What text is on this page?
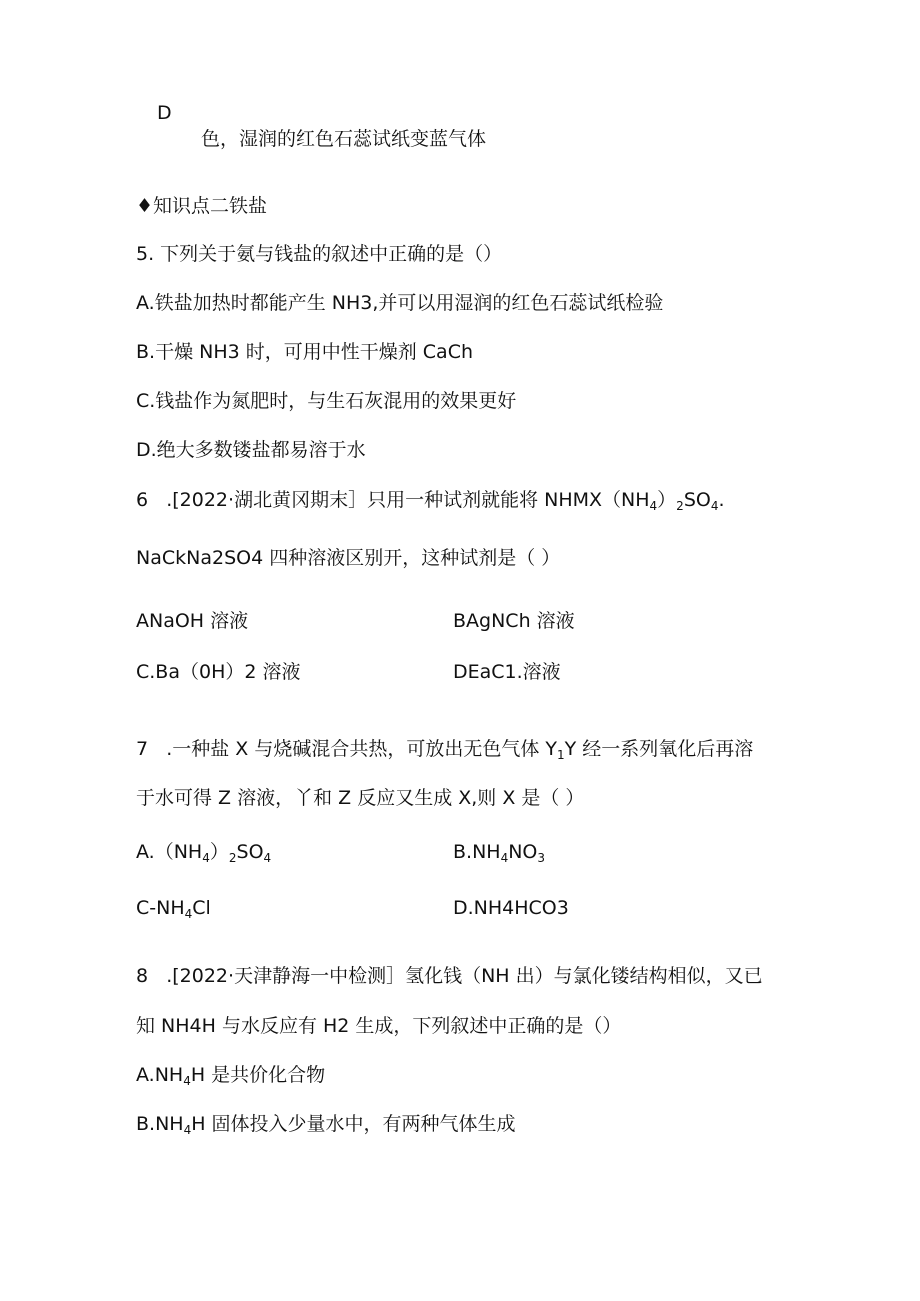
D
色，湿润的红色石蕊试纸变蓝气体
♦知识点二铁盐
5. 下列关于氨与钱盐的叙述中正确的是（）
A.铁盐加热时都能产生 NH3,并可以用湿润的红色石蕊试纸检验
B.干燥 NH3 时，可用中性干燥剂 CaCh
C.钱盐作为氮肥时，与生石灰混用的效果更好
D.绝大多数镂盐都易溶于水
6 .[2022·湖北黄冈期末］只用一种试剂就能将 $NHMX(NH_4)_2SO_4$.
NaCkNa2SO4 四种溶液区别开，这种试剂是（ ）
ANaOH 溶液	BAgNCh 溶液
C.Ba（0H）2 溶液	DEaC1.溶液
7 .一种盐 X 与烧碱混合共热，可放出无色气体 $Y_1Y$ 经一系列氧化后再溶
于水可得 Z 溶液，丫和 Z 反应又生成 X,则 X 是（ ）
$A.(NH_4)_2SO_4$	$B.NH_4NO_3$
$C-NH_4Cl$	D.NH4HCO3
8 .[2022·天津静海一中检测］氢化钱（NH 出）与氯化镂结构相似，又已
知 NH4H 与水反应有 H2 生成，下列叙述中正确的是（）
$A.NH_4H$ 是共价化合物
$B.NH_4H$ 固体投入少量水中，有两种气体生成
